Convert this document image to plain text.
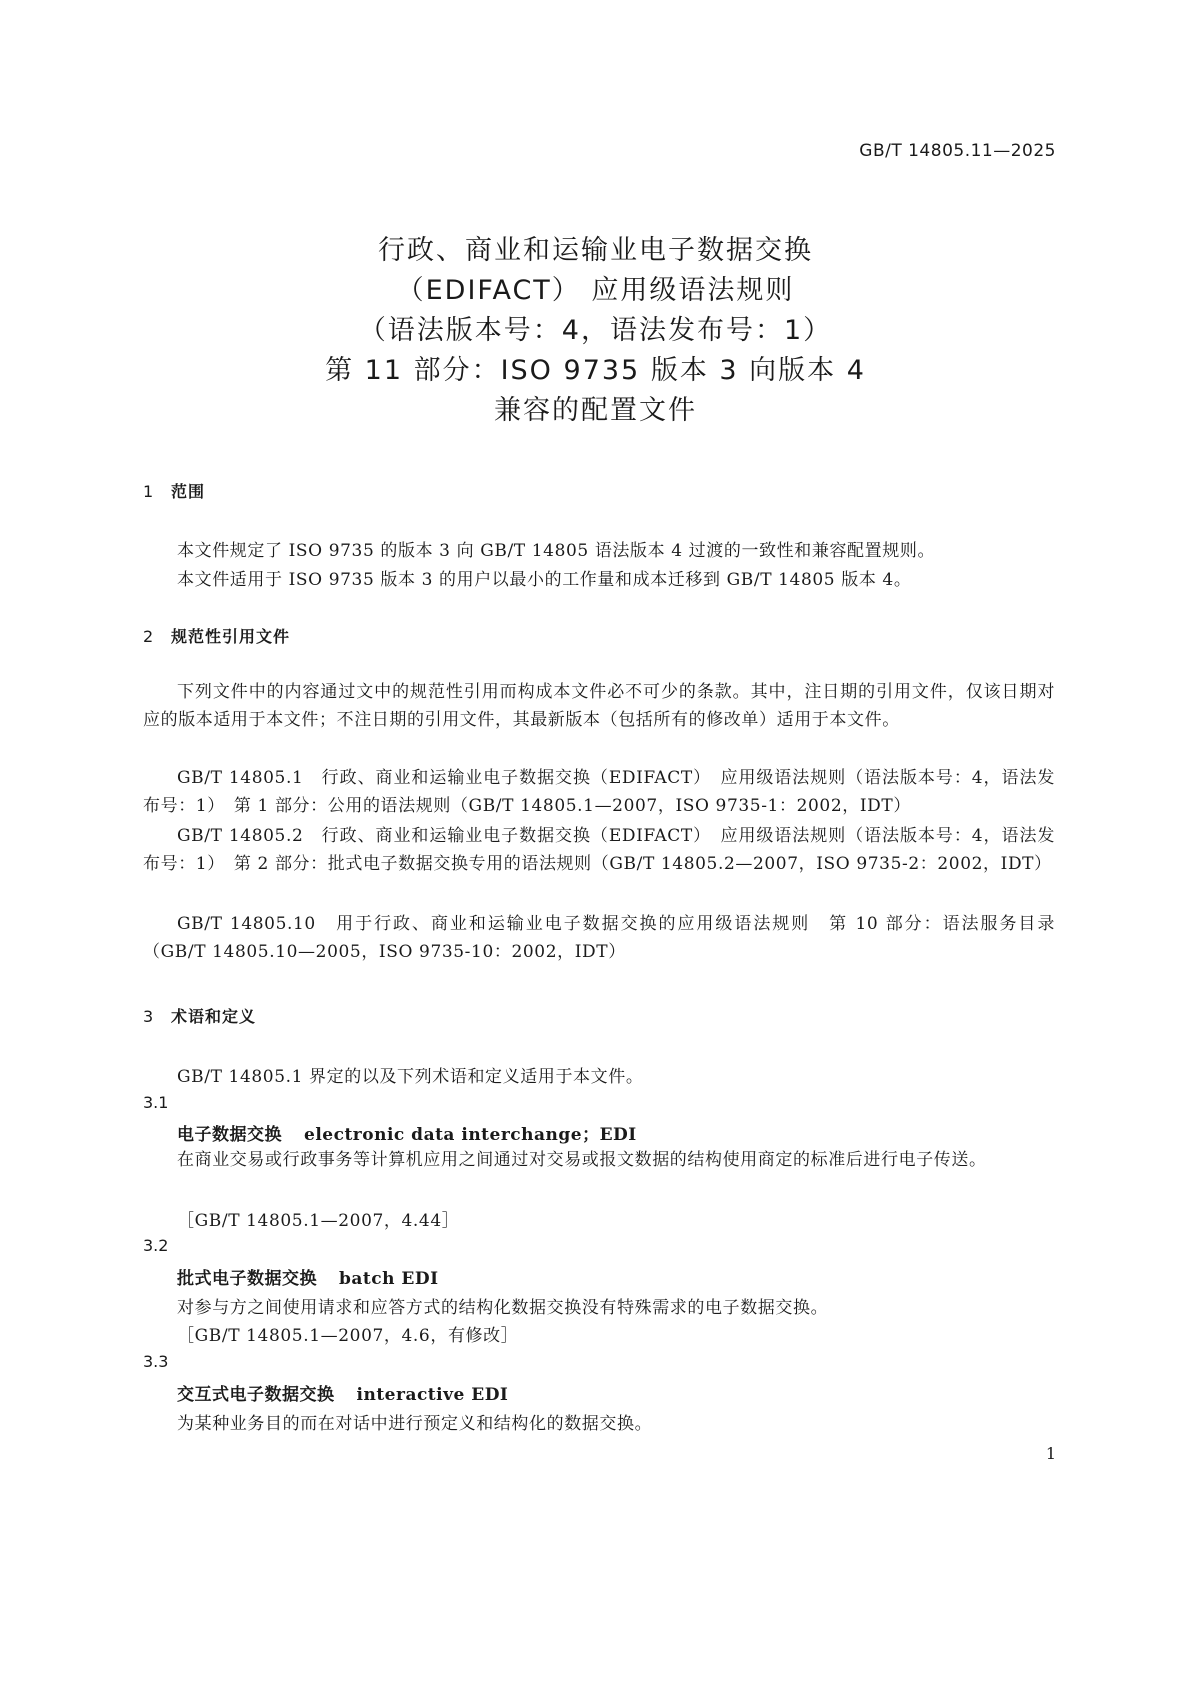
GB/T 14805.11—2025
行政、商业和运输业电子数据交换
（EDIFACT） 应用级语法规则
（语法版本号：4，语法发布号：1）
第 11 部分：ISO 9735 版本 3 向版本 4
兼容的配置文件
1 范围
本文件规定了 ISO 9735 的版本 3 向 GB/T 14805 语法版本 4 过渡的一致性和兼容配置规则。
本文件适用于 ISO 9735 版本 3 的用户以最小的工作量和成本迁移到 GB/T 14805 版本 4。
2 规范性引用文件
下列文件中的内容通过文中的规范性引用而构成本文件必不可少的条款。其中，注日期的引用文件，仅该日期对应的版本适用于本文件；不注日期的引用文件，其最新版本（包括所有的修改单）适用于本文件。
GB/T 14805.1　行政、商业和运输业电子数据交换（EDIFACT）　应用级语法规则（语法版本号：4，语法发布号：1）　第 1 部分：公用的语法规则（GB/T 14805.1—2007，ISO 9735-1：2002，IDT）
GB/T 14805.2　行政、商业和运输业电子数据交换（EDIFACT）　应用级语法规则（语法版本号：4，语法发布号：1）　第 2 部分：批式电子数据交换专用的语法规则（GB/T 14805.2—2007，ISO 9735-2：2002，IDT）
GB/T 14805.10　用于行政、商业和运输业电子数据交换的应用级语法规则　第 10 部分：语法服务目录（GB/T 14805.10—2005，ISO 9735-10：2002，IDT）
3 术语和定义
GB/T 14805.1 界定的以及下列术语和定义适用于本文件。
3.1
电子数据交换 electronic data interchange；EDI
在商业交易或行政事务等计算机应用之间通过对交易或报文数据的结构使用商定的标准后进行电子传送。
［GB/T 14805.1—2007，4.44］
3.2
批式电子数据交换 batch EDI
对参与方之间使用请求和应答方式的结构化数据交换没有特殊需求的电子数据交换。
［GB/T 14805.1—2007，4.6，有修改］
3.3
交互式电子数据交换 interactive EDI
为某种业务目的而在对话中进行预定义和结构化的数据交换。
1
